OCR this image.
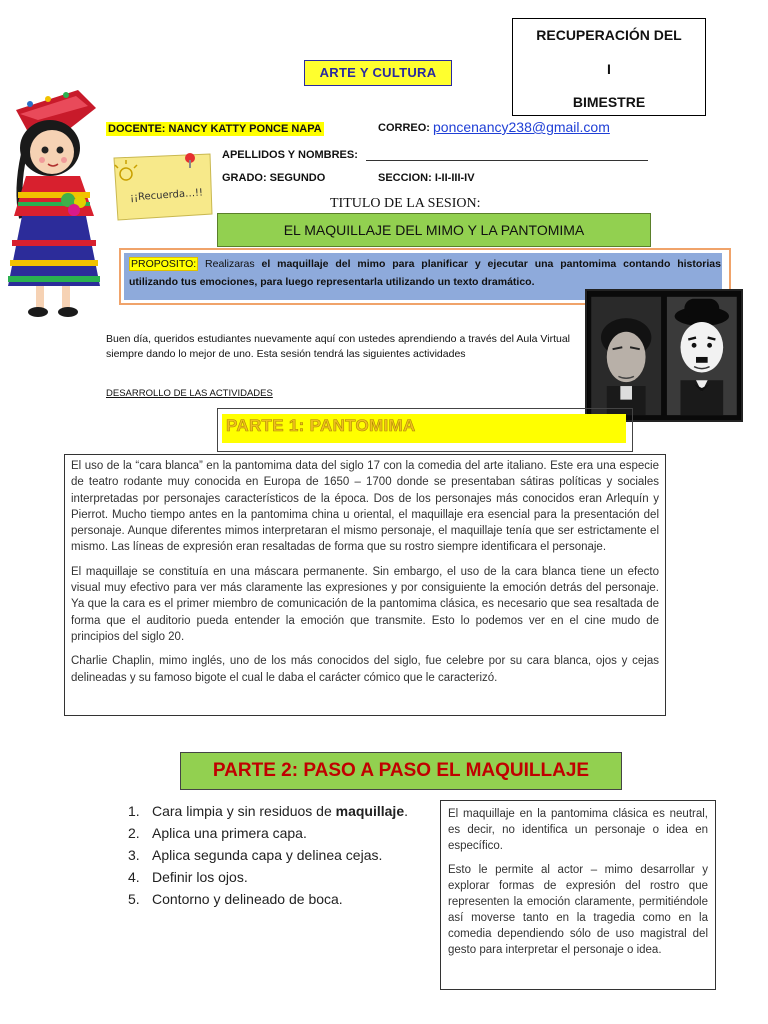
RECUPERACIÓN DEL
I
BIMESTRE
ARTE Y CULTURA
¡¡Recuerda…!!
DOCENTE: NANCY KATTY PONCE NAPA	CORREO: poncenancy238@gmail.com
APELLIDOS Y NOMBRES:
GRADO: SEGUNDO	SECCION: I-II-III-IV
TITULO DE LA SESION:
EL MAQUILLAJE DEL MIMO Y LA PANTOMIMA
PROPOSITO: Realizaras el maquillaje del mimo para planificar y ejecutar una pantomima contando historias utilizando tus emociones, para luego representarla utilizando un texto dramático.
Buen día, queridos estudiantes nuevamente aquí con ustedes aprendiendo a través del Aula Virtual siempre dando lo mejor de uno. Esta sesión tendrá las siguientes actividades
DESARROLLO DE LAS ACTIVIDADES
PARTE 1: PANTOMIMA

El uso de la “cara blanca” en la pantomima data del siglo 17 con la comedia del arte italiano. Este era una especie de teatro rodante muy conocida en Europa de 1650 – 1700 donde se presentaban sátiras políticas y sociales interpretadas por personajes característicos de la época. Dos de los personajes más conocidos eran Arlequín y Pierrot. Mucho tiempo antes en la pantomima china u oriental, el maquillaje era esencial para la presentación del personaje. Aunque diferentes mimos interpretaran el mismo personaje, el maquillaje tenía que ser estrictamente el mismo. Las líneas de expresión eran resaltadas de forma que su rostro siempre identificara el personaje.

El maquillaje se constituía en una máscara permanente. Sin embargo, el uso de la cara blanca tiene un efecto visual muy efectivo para ver más claramente las expresiones y por consiguiente la emoción detrás del personaje. Ya que la cara es el primer miembro de comunicación de la pantomima clásica, es necesario que sea resaltada de forma que el auditorio pueda entender la emoción que transmite. Esto lo podemos ver en el cine mudo de principios del siglo 20.

Charlie Chaplin, mimo inglés, uno de los más conocidos del siglo, fue celebre por su cara blanca, ojos y cejas delineadas y su famoso bigote el cual le daba el carácter cómico que le caracterizó.

PARTE 2: PASO A PASO EL MAQUILLAJE
1. Cara limpia y sin residuos de maquillaje.
2. Aplica una primera capa.
3. Aplica segunda capa y delinea cejas.
4. Definir los ojos.
5. Contorno y delineado de boca.

El maquillaje en la pantomima clásica es neutral, es decir, no identifica un personaje o idea en específico.

Esto le permite al actor – mimo desarrollar y explorar formas de expresión del rostro que representen la emoción claramente, permitiéndole así moverse tanto en la tragedia como en la comedia dependiendo sólo de uso magistral del gesto para interpretar el personaje o idea.
